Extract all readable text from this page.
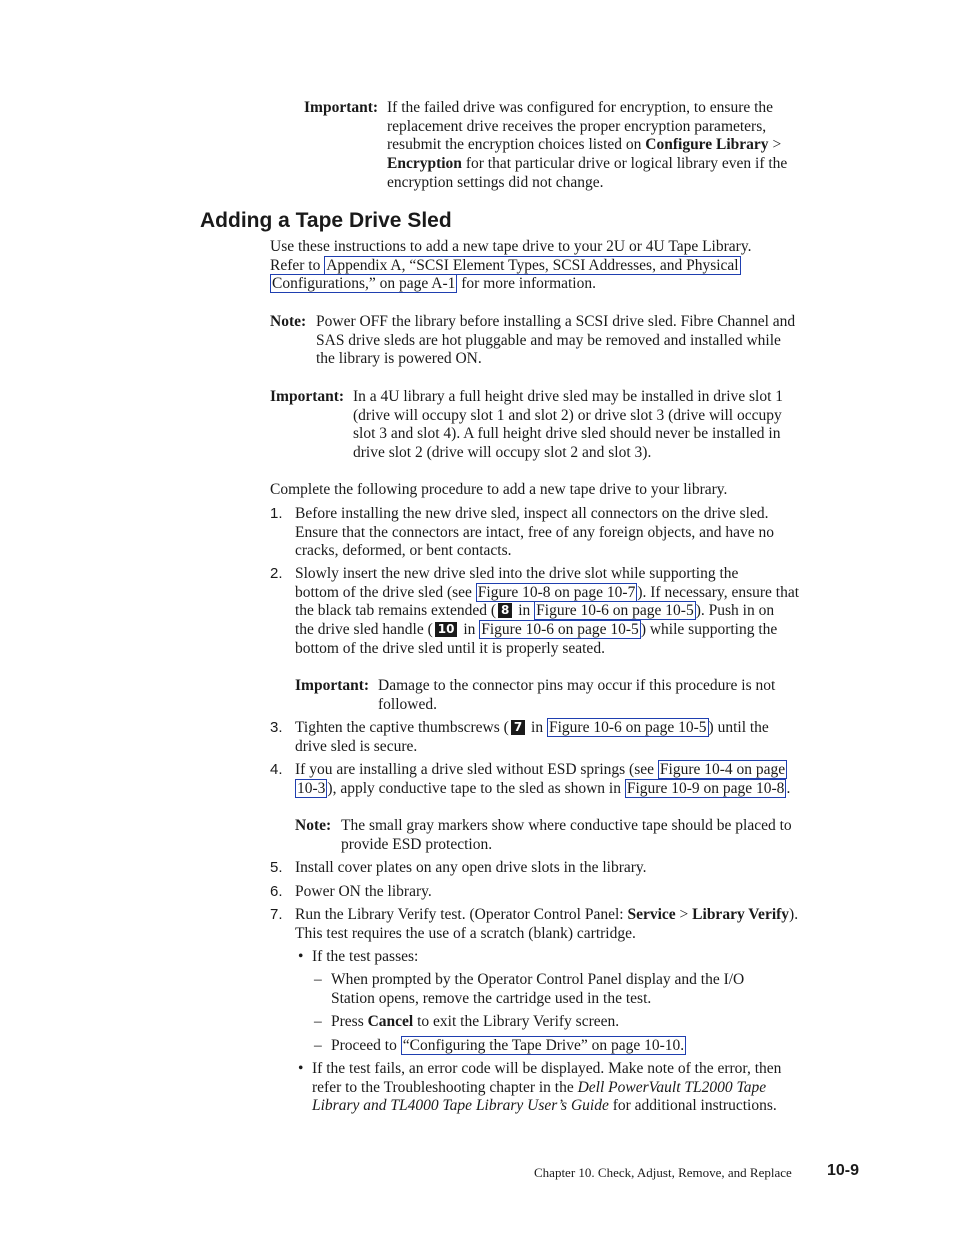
Important: If the failed drive was configured for encryption, to ensure the
replacement drive receives the proper encryption parameters,
resubmit the encryption choices listed on Configure Library >
Encryption for that particular drive or logical library even if the
encryption settings did not change.
Adding a Tape Drive Sled
Use these instructions to add a new tape drive to your 2U or 4U Tape Library.
Refer to Appendix A, “SCSI Element Types, SCSI Addresses, and Physical
Configurations,” on page A-1 for more information.
Note: Power OFF the library before installing a SCSI drive sled. Fibre Channel and
SAS drive sleds are hot pluggable and may be removed and installed while
the library is powered ON.
Important: In a 4U library a full height drive sled may be installed in drive slot 1
(drive will occupy slot 1 and slot 2) or drive slot 3 (drive will occupy
slot 3 and slot 4). A full height drive sled should never be installed in
drive slot 2 (drive will occupy slot 2 and slot 3).
Complete the following procedure to add a new tape drive to your library.
1. Before installing the new drive sled, inspect all connectors on the drive sled.
Ensure that the connectors are intact, free of any foreign objects, and have no
cracks, deformed, or bent contacts.
2. Slowly insert the new drive sled into the drive slot while supporting the
bottom of the drive sled (see Figure 10-8 on page 10-7 ). If necessary, ensure that
the black tab remains extended ( 8 in Figure 10-6 on page 10-5 ). Push in on
the drive sled handle ( 10 in Figure 10-6 on page 10-5 ) while supporting the
bottom of the drive sled until it is properly seated.
Important: Damage to the connector pins may occur if this procedure is not
followed.
3. Tighten the captive thumbscrews ( 7 in Figure 10-6 on page 10-5 ) until the
drive sled is secure.
4. If you are installing a drive sled without ESD springs (see Figure 10-4 on page
10-3 ), apply conductive tape to the sled as shown in Figure 10-9 on page 10-8 .
Note: The small gray markers show where conductive tape should be placed to
provide ESD protection.
5. Install cover plates on any open drive slots in the library.
6. Power ON the library.
7. Run the Library Verify test. (Operator Control Panel: Service > Library Verify).
This test requires the use of a scratch (blank) cartridge.
• If the test passes:
– When prompted by the Operator Control Panel display and the I/O
Station opens, remove the cartridge used in the test.
– Press Cancel to exit the Library Verify screen.
– Proceed to “Configuring the Tape Drive” on page 10-10.
• If the test fails, an error code will be displayed. Make note of the error, then
refer to the Troubleshooting chapter in the Dell PowerVault TL2000 Tape
Library and TL4000 Tape Library User’s Guide for additional instructions.
Chapter 10. Check, Adjust, Remove, and Replace 10-9
